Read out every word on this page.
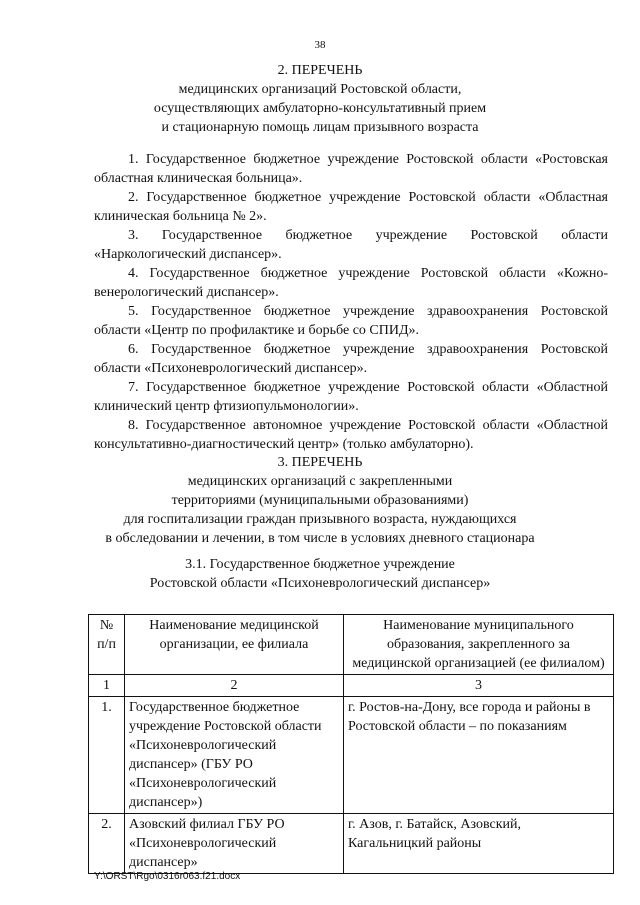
38
2. ПЕРЕЧЕНЬ
медицинских организаций Ростовской области,
осуществляющих амбулаторно-консультативный прием
и стационарную помощь лицам призывного возраста
1. Государственное бюджетное учреждение Ростовской области «Ростовская областная клиническая больница».
2. Государственное бюджетное учреждение Ростовской области «Областная клиническая больница № 2».
3. Государственное бюджетное учреждение Ростовской области «Наркологический диспансер».
4. Государственное бюджетное учреждение Ростовской области «Кожно-венерологический диспансер».
5. Государственное бюджетное учреждение здравоохранения Ростовской области «Центр по профилактике и борьбе со СПИД».
6. Государственное бюджетное учреждение здравоохранения Ростовской области «Психоневрологический диспансер».
7. Государственное бюджетное учреждение Ростовской области «Областной клинический центр фтизиопульмонологии».
8. Государственное автономное учреждение Ростовской области «Областной консультативно-диагностический центр» (только амбулаторно).
3. ПЕРЕЧЕНЬ
медицинских организаций с закрепленными
территориями (муниципальными образованиями)
для госпитализации граждан призывного возраста, нуждающихся
в обследовании и лечении, в том числе в условиях дневного стационара
3.1. Государственное бюджетное учреждение
Ростовской области «Психоневрологический диспансер»
№ п/п	Наименование медицинской организации, ее филиала	Наименование муниципального образования, закрепленного за медицинской организацией (ее филиалом)
1	2	3
1.	Государственное бюджетное учреждение Ростовской области «Психоневрологический диспансер» (ГБУ РО «Психоневрологический диспансер»)	г. Ростов-на-Дону, все города и районы в Ростовской области – по показаниям
2.	Азовский филиал ГБУ РО «Психоневрологический диспансер»	г. Азов, г. Батайск, Азовский, Кагальницкий районы
Y:\ORST\Rgo\0316r063.f21.docx
